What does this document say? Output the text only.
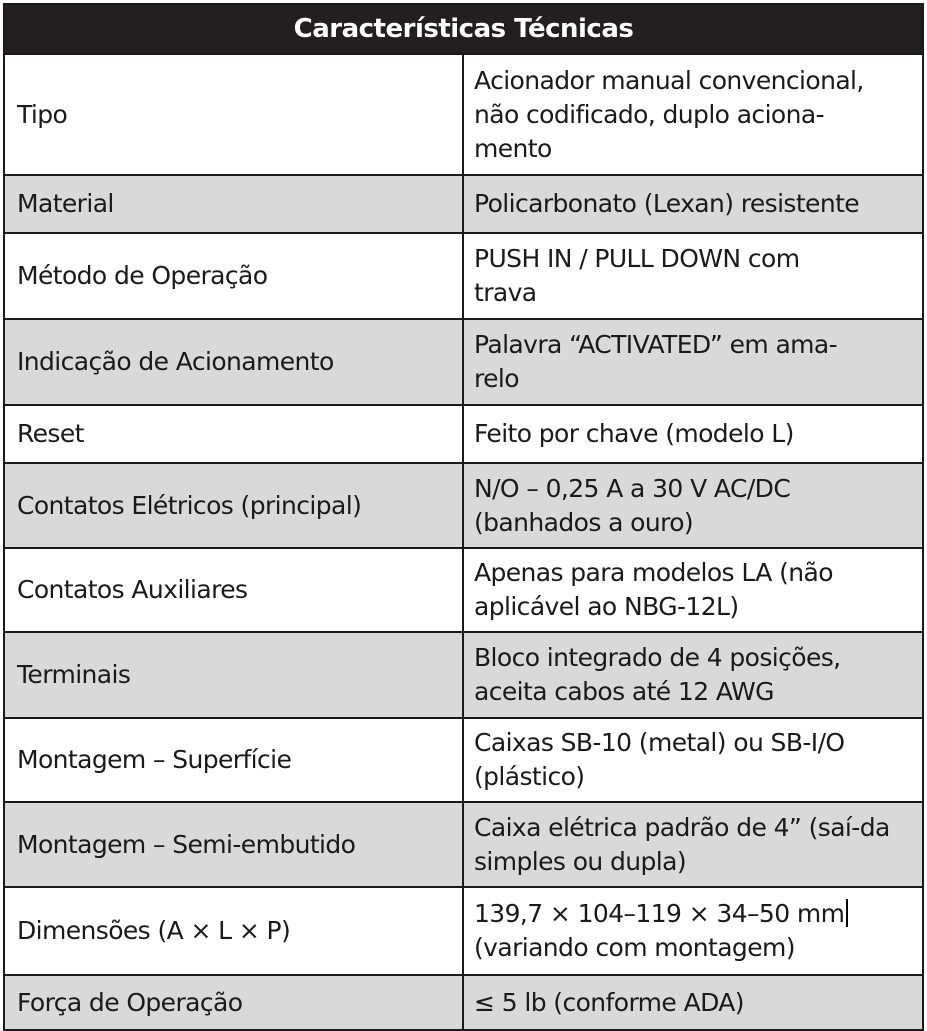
Características Técnicas
Tipo	Acionador manual convencional, não codificado, duplo aciona-mento

Material	Policarbonato (Lexan) resistente
Método de Operação	PUSH IN / PULL DOWN com trava

Indicação de Acionamento	Palavra “ACTIVATED” em ama-relo

Reset	Feito por chave (modelo L)
Contatos Elétricos (principal)	N/O – 0,25 A a 30 V AC/DC (banhados a ouro)

Contatos Auxiliares	Apenas para modelos LA (não aplicável ao NBG-12L)

Terminais	Bloco integrado de 4 posições, aceita cabos até 12 AWG

Montagem – Superfície	Caixas SB-10 (metal) ou SB-I/O (plástico)

Montagem – Semi-embutido	Caixa elétrica padrão de 4” (saí-da simples ou dupla)

Dimensões (A × L × P)	139,7 × 104–119 × 34–50 mm
(variando com montagem)

Força de Operação	≤ 5 lb (conforme ADA)
